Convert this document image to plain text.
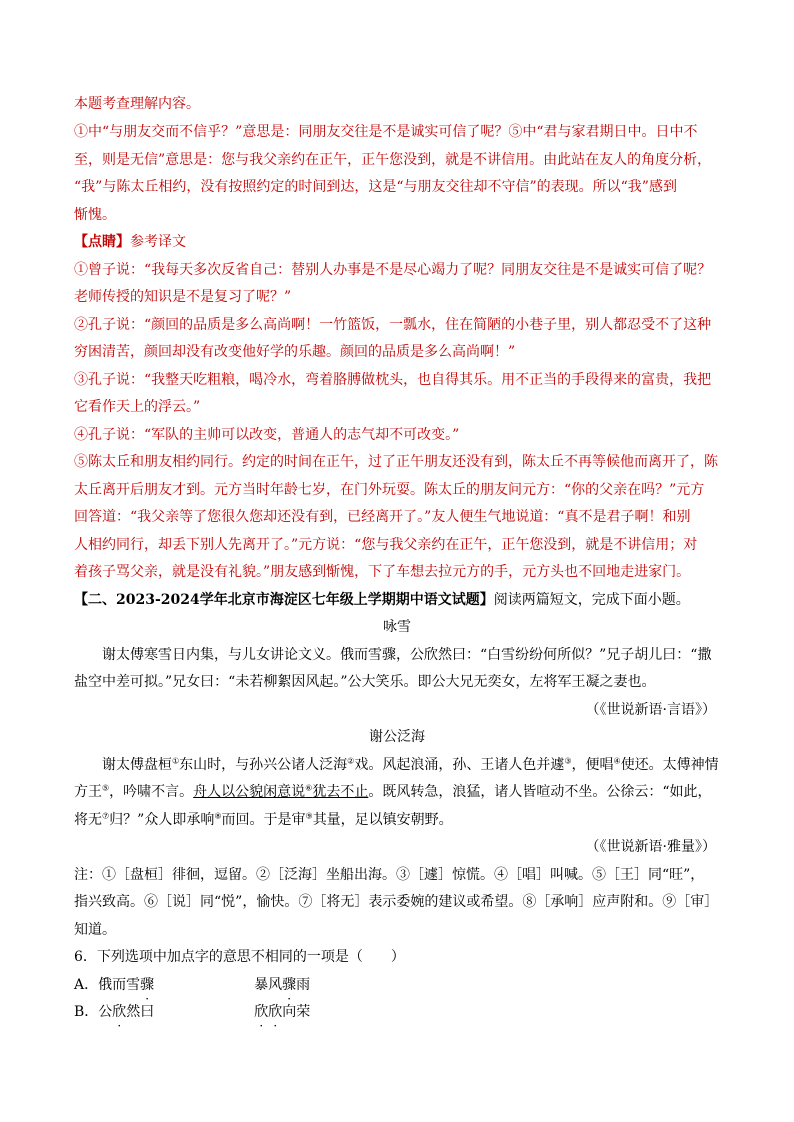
本题考查理解内容。
①中“与朋友交而不信乎？”意思是：同朋友交往是不是诚实可信了呢？⑤中“君与家君期日中。日中不
至，则是无信”意思是：您与我父亲约在正午，正午您没到，就是不讲信用。由此站在友人的角度分析，
“我”与陈太丘相约，没有按照约定的时间到达，这是“与朋友交往却不守信”的表现。所以“我”感到
惭愧。
【点睛】参考译文
①曾子说：“我每天多次反省自己：替别人办事是不是尽心竭力了呢？同朋友交往是不是诚实可信了呢？
老师传授的知识是不是复习了呢？”
②孔子说：“颜回的品质是多么高尚啊！一竹篮饭，一瓢水，住在简陋的小巷子里，别人都忍受不了这种
穷困清苦，颜回却没有改变他好学的乐趣。颜回的品质是多么高尚啊！”
③孔子说：“我整天吃粗粮，喝冷水，弯着胳膊做枕头，也自得其乐。用不正当的手段得来的富贵，我把
它看作天上的浮云。”
④孔子说：“军队的主帅可以改变，普通人的志气却不可改变。”
⑤陈太丘和朋友相约同行。约定的时间在正午，过了正午朋友还没有到，陈太丘不再等候他而离开了，陈
太丘离开后朋友才到。元方当时年龄七岁，在门外玩耍。陈太丘的朋友问元方：“你的父亲在吗？”元方
回答道：“我父亲等了您很久您却还没有到，已经离开了。”友人便生气地说道：“真不是君子啊！和别
人相约同行，却丢下别人先离开了。”元方说：“您与我父亲约在正午，正午您没到，就是不讲信用；对
着孩子骂父亲，就是没有礼貌。”朋友感到惭愧，下了车想去拉元方的手，元方头也不回地走进家门。
【二、2023-2024学年北京市海淀区七年级上学期期中语文试题】阅读两篇短文，完成下面小题。
咏雪
谢太傅寒雪日内集，与儿女讲论文义。俄而雪骤，公欣然曰：“白雪纷纷何所似？”兄子胡儿曰：“撒
盐空中差可拟。”兄女曰：“未若柳絮因风起。”公大笑乐。即公大兄无奕女，左将军王凝之妻也。
（《世说新语·言语》）
谢公泛海
谢太傅盘桓①东山时，与孙兴公诸人泛海②戏。风起浪涌，孙、王诸人色并遽③，便唱④使还。太傅神情
方王⑤，吟啸不言。舟人以公貌闲意说⑥犹去不止。既风转急，浪猛，诸人皆喧动不坐。公徐云：“如此，
将无⑦归？”众人即承响⑧而回。于是审⑨其量，足以镇安朝野。
（《世说新语·雅量》）
注：①［盘桓］徘徊，逗留。②［泛海］坐船出海。③［遽］惊慌。④［唱］叫喊。⑤［王］同“旺”，
指兴致高。⑥［说］同“悦”，愉快。⑦［将无］表示委婉的建议或希望。⑧［承响］应声附和。⑨［审］
知道。
6．下列选项中加点字的意思不相同的一项是（　　）
A．俄而雪骤	暴风骤雨
B．公欣然曰	欣欣向荣
